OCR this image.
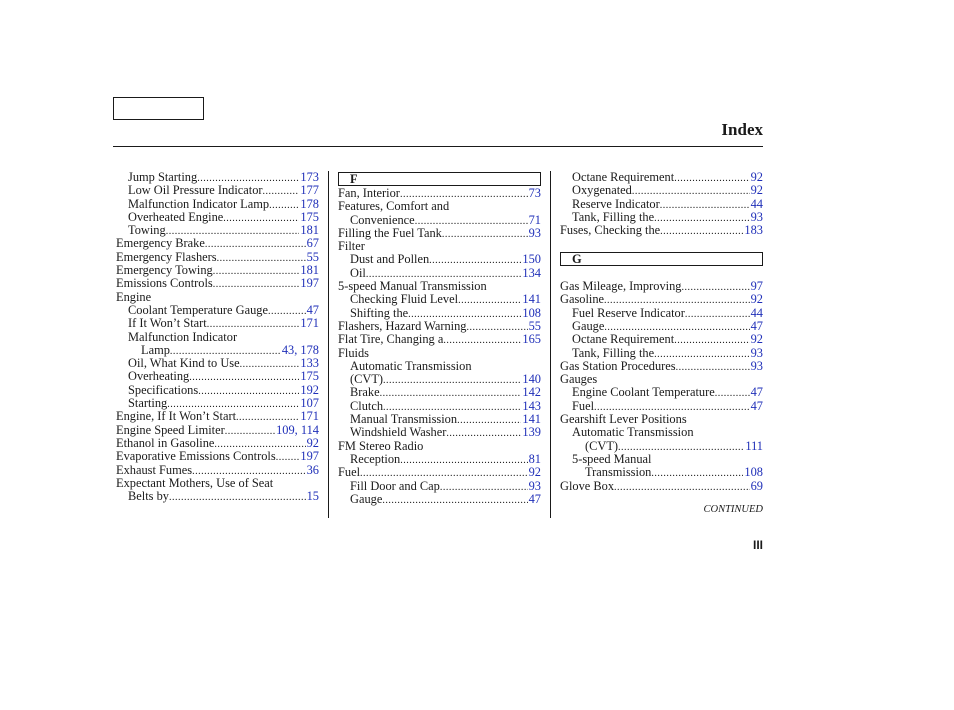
Index
Jump Starting .....	173
Low Oil Pressure Indicator .....	177
Malfunction Indicator Lamp .....	178
Overheated Engine .....	175
Towing .....	181
Emergency Brake .....	67
Emergency Flashers .....	55
Emergency Towing .....	181
Emissions Controls .....	197
Engine
Coolant Temperature Gauge .....	47
If It Won’t Start .....	171
Malfunction Indicator
Lamp .....	43, 178
Oil, What Kind to Use .....	133
Overheating .....	175
Specifications .....	192
Starting .....	107
Engine, If It Won’t Start .....	171
Engine Speed Limiter .....	109, 114
Ethanol in Gasoline .....	92
Evaporative Emissions Controls ..... 197
Exhaust Fumes .....	36
Expectant Mothers, Use of Seat
Belts by .....	15
F
Fan, Interior .....	73
Features, Comfort and
Convenience .....	71
Filling the Fuel Tank .....	93
Filter
Dust and Pollen .....	150
Oil .....	134
5-speed Manual Transmission
Checking Fluid Level .....	141
Shifting the .....	108
Flashers, Hazard Warning .....	55
Flat Tire, Changing a .....	165
Fluids
Automatic Transmission
(CVT) .....	140
Brake .....	142
Clutch .....	143
Manual Transmission .....	141
Windshield Washer .....	139
FM Stereo Radio
Reception .....	81
Fuel .....	92
Fill Door and Cap .....	93
Gauge .....	47
Octane Requirement .....	92
Oxygenated .....	92
Reserve Indicator .....	44
Tank, Filling the .....	93
Fuses, Checking the .....	183
G
Gas Mileage, Improving .....	97
Gasoline .....	92
Fuel Reserve Indicator .....	44
Gauge .....	47
Octane Requirement .....	92
Tank, Filling the .....	93
Gas Station Procedures .....	93
Gauges
Engine Coolant Temperature .....	47
Fuel .....	47
Gearshift Lever Positions
Automatic Transmission
(CVT) .....	111
5-speed Manual
Transmission .....	108
Glove Box .....	69
CONTINUED
III
